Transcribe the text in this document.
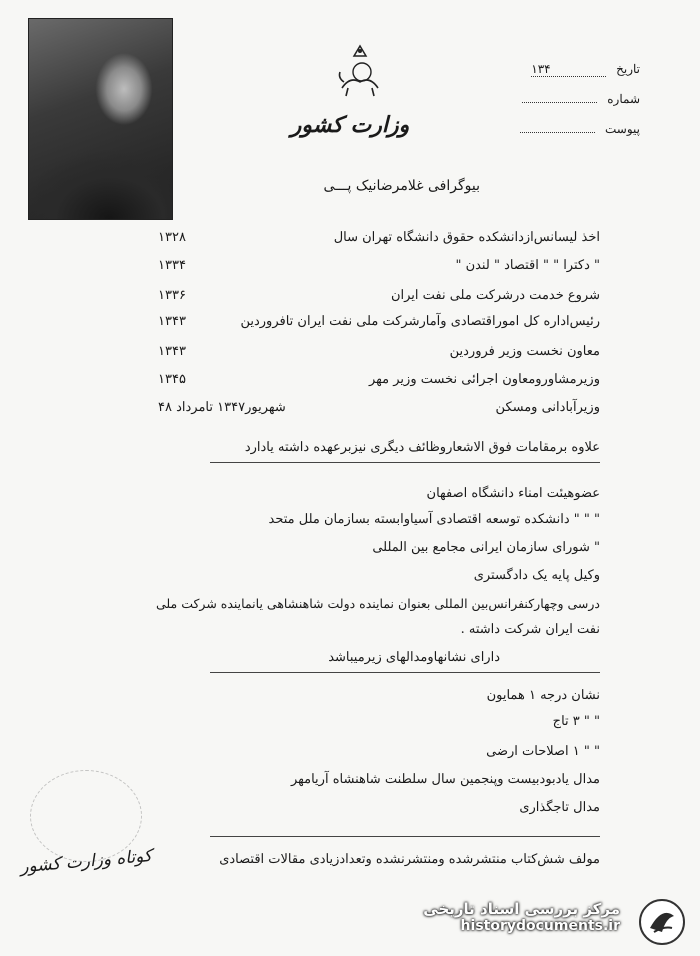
وزارت کشور
تاریخ ۱۳۴
شماره
پیوست
بیوگرافی غلامرضانیک پـــی
اخذ لیسانس‌ازدانشکده حقوق دانشگاه تهران سال
۱۳۲۸
" دکترا " " اقتصاد " لندن "
۱۳۳۴
شروع خدمت درشرکت ملی نفت ایران
۱۳۳۶
رئیس‌اداره کل اموراقتصادی وآمارشرکت ملی نفت ایران تافروردین
۱۳۴۳
معاون نخست وزیر فروردین
۱۳۴۳
وزیرمشاورومعاون اجرائی نخست وزیر مهر
۱۳۴۵
وزیرآبادانی ومسکن
شهریور۱۳۴۷ تامرداد ۴۸
علاوه برمقامات فوق الاشعاروظائف دیگری نیزبرعهده داشته یادارد
عضوهیئت امناء دانشگاه اصفهان
" " " دانشکده توسعه اقتصادی آسیاوابسته بسازمان ملل متحد
" شورای سازمان ایرانی مجامع بین المللی
وکیل پایه یک دادگستری
درسی وچهارکنفرانس‌بین المللی بعنوان نماینده دولت شاهنشاهی یانماینده شرکت ملی
نفت ایران شرکت داشته .
دارای نشانهاومدالهای زیرمیباشد
نشان درجه ۱ همایون
" " ۳ تاج
" " ۱ اصلاحات ارضی
مدال یادبودبیست وپنجمین سال سلطنت شاهنشاه آریامهر
مدال تاجگذاری
مولف شش‌کتاب منتشرشده ومنتشرنشده وتعدادزیادی مقالات اقتصادی
کوتاه وزارت کشور
مرکز بررسی اسناد تاریخی
historydocuments.ir
